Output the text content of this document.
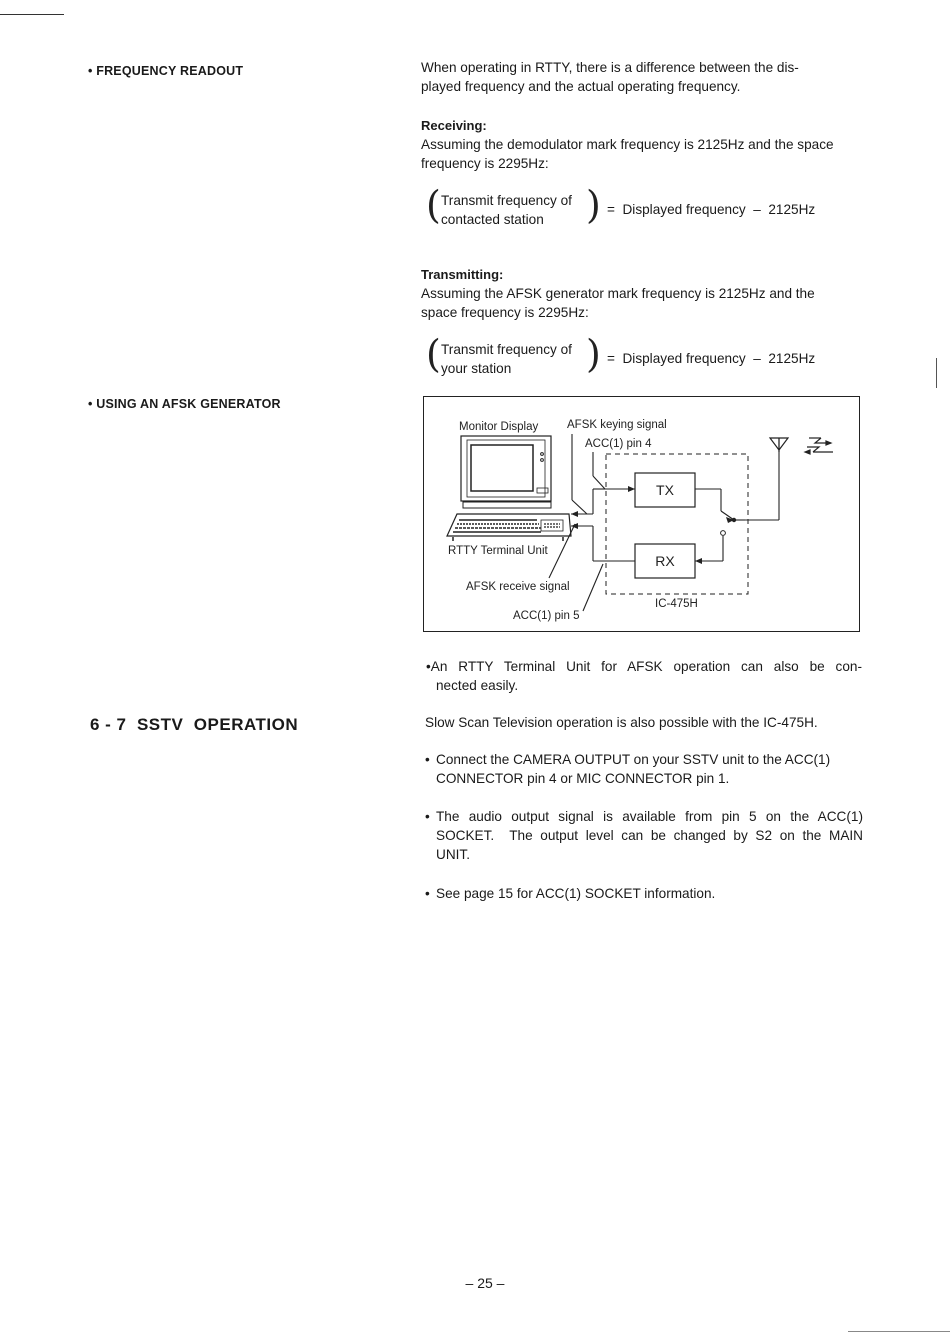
• FREQUENCY READOUT
• USING AN AFSK GENERATOR
6 - 7  SSTV  OPERATION

When operating in RTTY, there is a difference between the dis-

played frequency and the actual operating frequency.

Receiving:

Assuming the demodulator mark frequency is 2125Hz and the space

frequency is 2295Hz:

( Transmit frequency of
contacted station ) =  Displayed frequency  –  2125Hz
Transmitting:

Assuming the AFSK generator mark frequency is 2125Hz and the

space frequency is 2295Hz:

( Transmit frequency of
your station ) =  Displayed frequency  –  2125Hz
Monitor Display	AFSK keying signal
ACC(1) pin 4
RTTY Terminal Unit
AFSK receive signal
ACC(1) pin 5
IC-475H
TX
RX
•An RTTY Terminal Unit for AFSK operation can also be con-
nected easily.
Slow Scan Television operation is also possible with the IC-475H.
• Connect the CAMERA OUTPUT on your SSTV unit to the ACC(1)
CONNECTOR pin 4 or MIC CONNECTOR pin 1.
• The audio output signal is available from pin 5 on the ACC(1)
SOCKET.  The output level can be changed by S2 on the MAIN
UNIT.
• See page 15 for ACC(1) SOCKET information.
– 25 –
